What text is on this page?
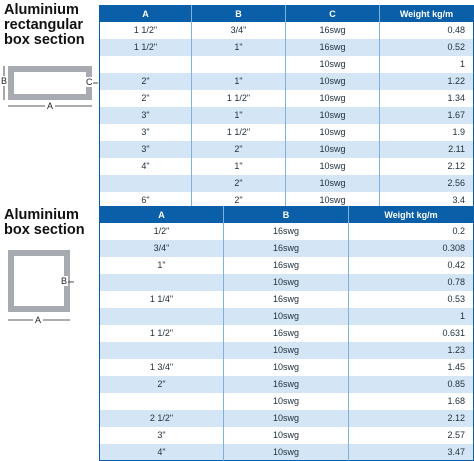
Aluminium
rectangular
box section
B
A
C
A	B	C	Weight kg/m
1 1/2"	3/4"	16swg	0.48
1 1/2"	1"	16swg	0.52
		10swg	1
2"	1"	10swg	1.22
2"	1 1/2"	10swg	1.34
3"	1"	10swg	1.67
3"	1 1/2"	10swg	1.9
3"	2"	10swg	2.11
4"	1"	10swg	2.12
	2"	10swg	2.56
6"	2"	10swg	3.4
Aluminium
box section
A
B
A	B	Weight kg/m
1/2"	16swg	0.2
3/4"	16swg	0.308
1"	16swg	0.42
	10swg	0.78
1 1/4"	16swg	0.53
	10swg	1
1 1/2"	16swg	0.631
	10swg	1.23
1 3/4"	10swg	1.45
2"	16swg	0.85
	10swg	1.68
2 1/2"	10swg	2.12
3"	10swg	2.57
4"	10swg	3.47
